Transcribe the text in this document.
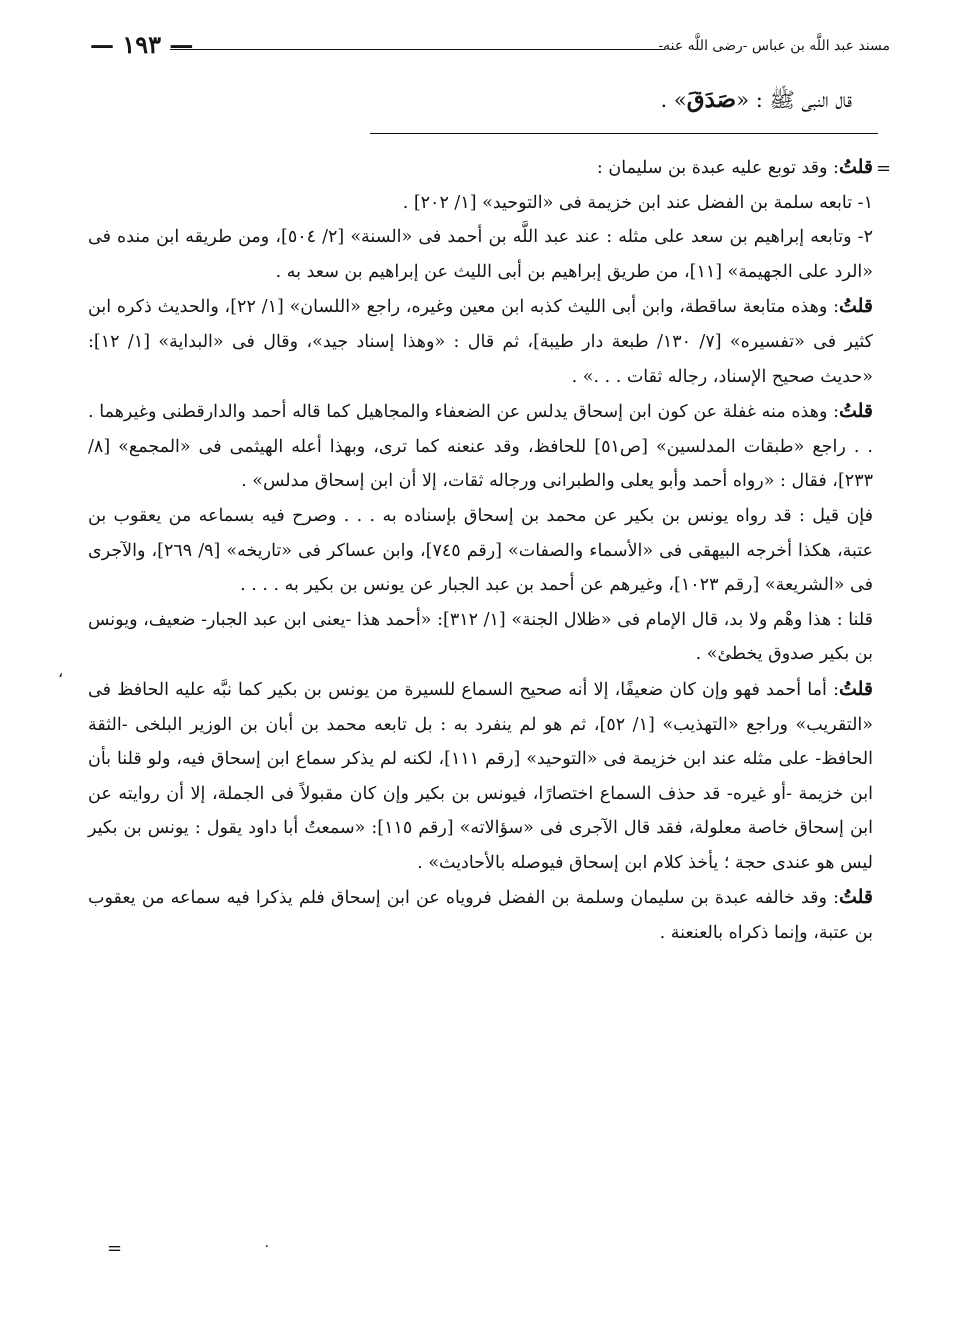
مسند عبد اللَّه بن عباس -رضى اللَّه عنه-
— ١٩٣ —
قال النبى ﷺ : «صَدَقَ» .
=
،

قلتُ: وقد توبع عليه عبدة بن سليمان :

١- تابعه سلمة بن الفضل عند ابن خزيمة فى «التوحيد» [١/ ٢٠٢] .

٢- وتابعه إبراهيم بن سعد على مثله : عند عبد اللَّه بن أحمد فى «السنة» [٢/ ٥٠٤]، ومن طريقه ابن منده فى «الرد على الجهيمة» [١١]، من طريق إبراهيم بن أبى الليث عن إبراهيم بن سعد به .

قلتُ: وهذه متابعة ساقطة، وابن أبى الليث كذبه ابن معين وغيره، راجع «اللسان» [١/ ٢٢]، والحديث ذكره ابن كثير فى «تفسيره» [٧/ ١٣٠/ طبعة دار طيبة]، ثم قال : «وهذا إسناد جيد»، وقال فى «البداية» [١/ ١٢]: «حديث صحيح الإسناد، رجاله ثقات . . .» .

قلتُ: وهذه منه غفلة عن كون ابن إسحاق يدلس عن الضعفاء والمجاهيل كما قاله أحمد والدارقطنى وغيرهما . . . راجع «طبقات المدلسين» [ص٥١] للحافظ، وقد عنعنه كما ترى، وبهذا أعله الهيثمى فى «المجمع» [٨/ ٢٣٣]، فقال : «رواه أحمد وأبو يعلى والطبرانى ورجاله ثقات، إلا أن ابن إسحاق مدلس» .

فإن قيل : قد رواه يونس بن بكير عن محمد بن إسحاق بإسناده به . . . وصرح فيه بسماعه من يعقوب بن عتبة، هكذا أخرجه البيهقى فى «الأسماء والصفات» [رقم ٧٤٥]، وابن عساكر فى «تاريخه» [٩/ ٢٦٩]، والآجرى فى «الشريعة» [رقم ١٠٢٣]، وغيرهم عن أحمد بن عبد الجبار عن يونس بن بكير به . . . .

قلنا : هذا وهْم ولا بد، قال الإمام فى «ظلال الجنة» [١/ ٣١٢]: «أحمد هذا -يعنى ابن عبد الجبار- ضعيف، ويونس بن بكير صدوق يخطئ» .

قلتُ: أما أحمد فهو وإن كان ضعيفًا، إلا أنه صحيح السماع للسيرة من يونس بن بكير كما نبَّه عليه الحافظ فى «التقريب» وراجع «التهذيب» [١/ ٥٢]، ثم هو لم ينفرد به : بل تابعه محمد بن أبان بن الوزير البلخى -الثقة الحافظ- على مثله عند ابن خزيمة فى «التوحيد» [رقم ١١١]، لكنه لم يذكر سماع ابن إسحاق فيه، ولو قلنا بأن ابن خزيمة -أو غيره- قد حذف السماع اختصارًا، فيونس بن بكير وإن كان مقبولاً فى الجملة، إلا أن روايته عن ابن إسحاق خاصة معلولة، فقد قال الآجرى فى «سؤالاته» [رقم ١١٥]: «سمعتُ أبا داود يقول : يونس بن بكير ليس هو عندى حجة ؛ يأخذ كلام ابن إسحاق فيوصله بالأحاديث» .

قلتُ: وقد خالفه عبدة بن سليمان وسلمة بن الفضل فروياه عن ابن إسحاق فلم يذكرا فيه سماعه من يعقوب بن عتبة، وإنما ذكراه بالعنعنة .

٠
=
